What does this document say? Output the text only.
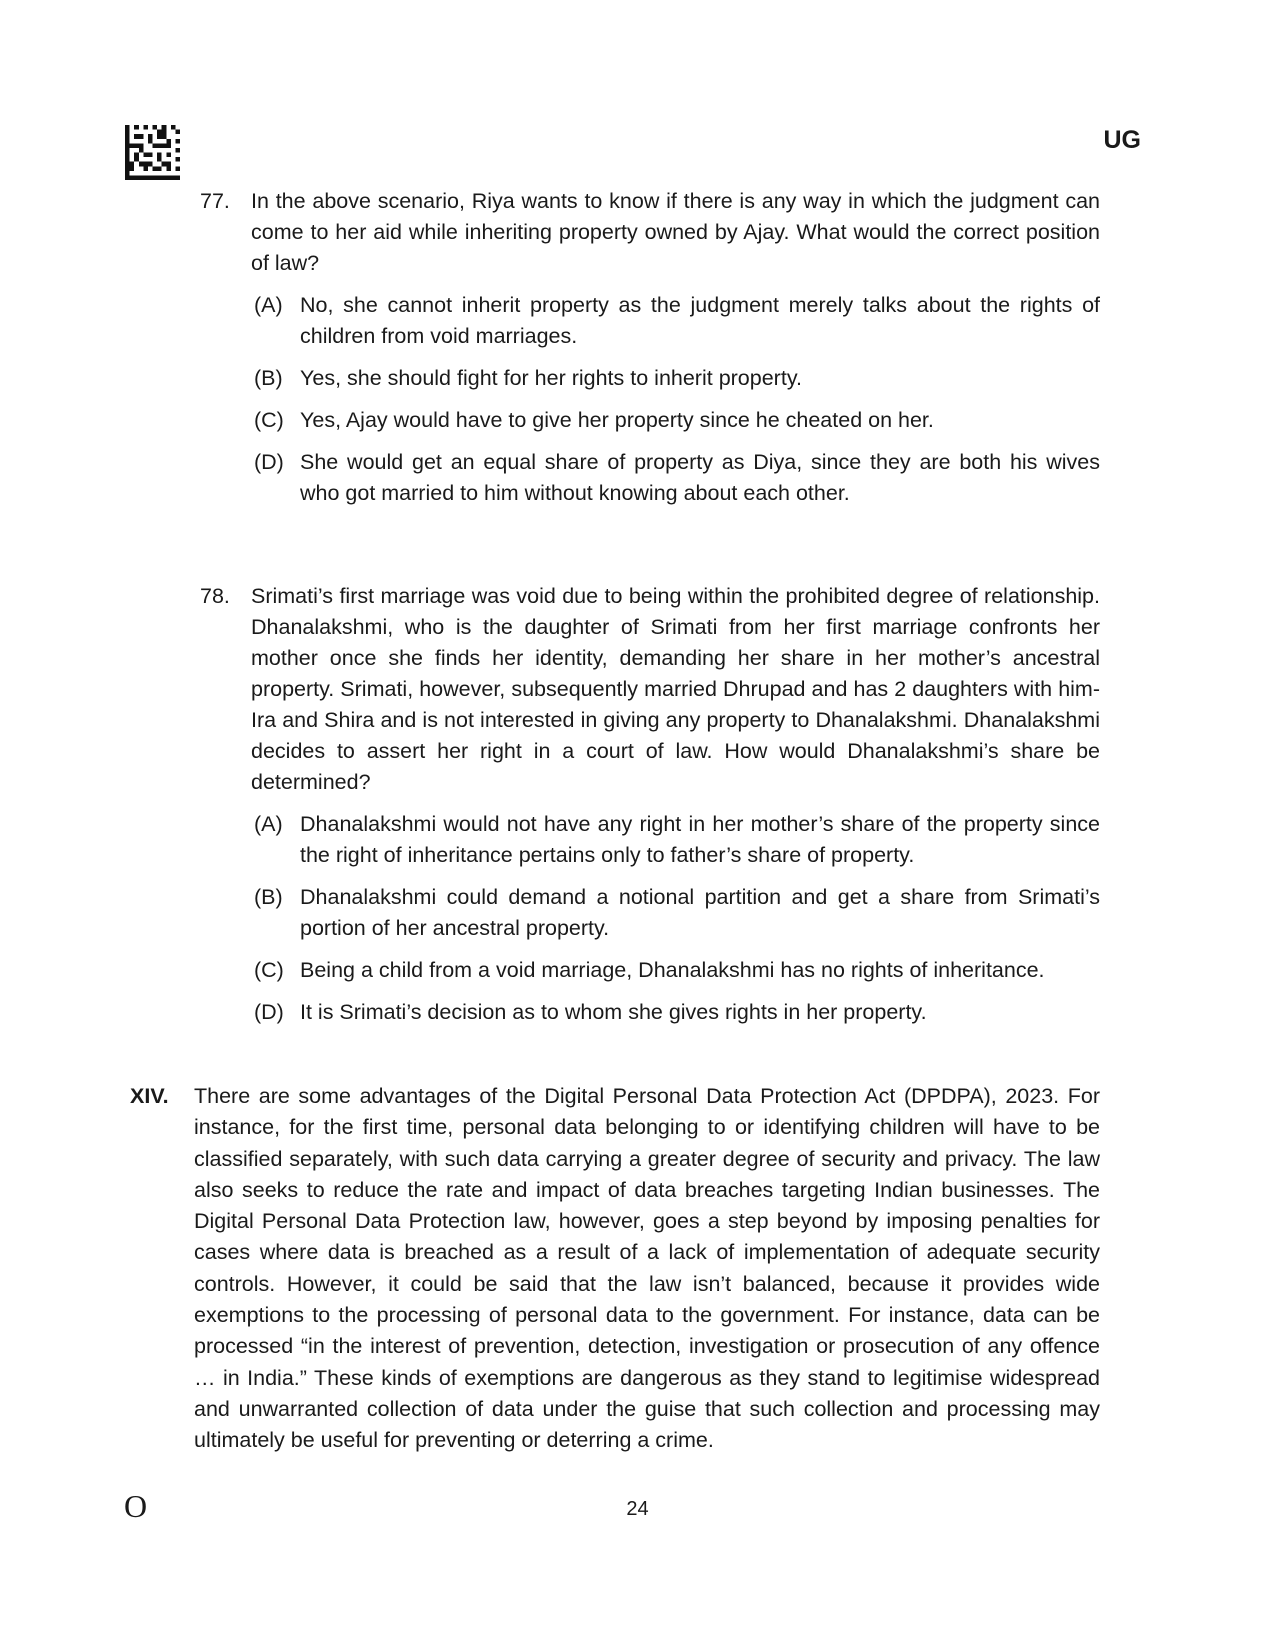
UG
77. In the above scenario, Riya wants to know if there is any way in which the judgment can come to her aid while inheriting property owned by Ajay. What would the correct position of law?
(A) No, she cannot inherit property as the judgment merely talks about the rights of children from void marriages.
(B) Yes, she should fight for her rights to inherit property.
(C) Yes, Ajay would have to give her property since he cheated on her.
(D) She would get an equal share of property as Diya, since they are both his wives who got married to him without knowing about each other.
78. Srimati’s first marriage was void due to being within the prohibited degree of relationship. Dhanalakshmi, who is the daughter of Srimati from her first marriage confronts her mother once she finds her identity, demanding her share in her mother’s ancestral property. Srimati, however, subsequently married Dhrupad and has 2 daughters with him- Ira and Shira and is not interested in giving any property to Dhanalakshmi. Dhanalakshmi decides to assert her right in a court of law. How would Dhanalakshmi’s share be determined?
(A) Dhanalakshmi would not have any right in her mother’s share of the property since the right of inheritance pertains only to father’s share of property.
(B) Dhanalakshmi could demand a notional partition and get a share from Srimati’s portion of her ancestral property.
(C) Being a child from a void marriage, Dhanalakshmi has no rights of inheritance.
(D) It is Srimati’s decision as to whom she gives rights in her property.
XIV. There are some advantages of the Digital Personal Data Protection Act (DPDPA), 2023. For instance, for the first time, personal data belonging to or identifying children will have to be classified separately, with such data carrying a greater degree of security and privacy. The law also seeks to reduce the rate and impact of data breaches targeting Indian businesses. The Digital Personal Data Protection law, however, goes a step beyond by imposing penalties for cases where data is breached as a result of a lack of implementation of adequate security controls. However, it could be said that the law isn’t balanced, because it provides wide exemptions to the processing of personal data to the government. For instance, data can be processed “in the interest of prevention, detection, investigation or prosecution of any offence … in India.” These kinds of exemptions are dangerous as they stand to legitimise widespread and unwarranted collection of data under the guise that such collection and processing may ultimately be useful for preventing or deterring a crime.
O	24
